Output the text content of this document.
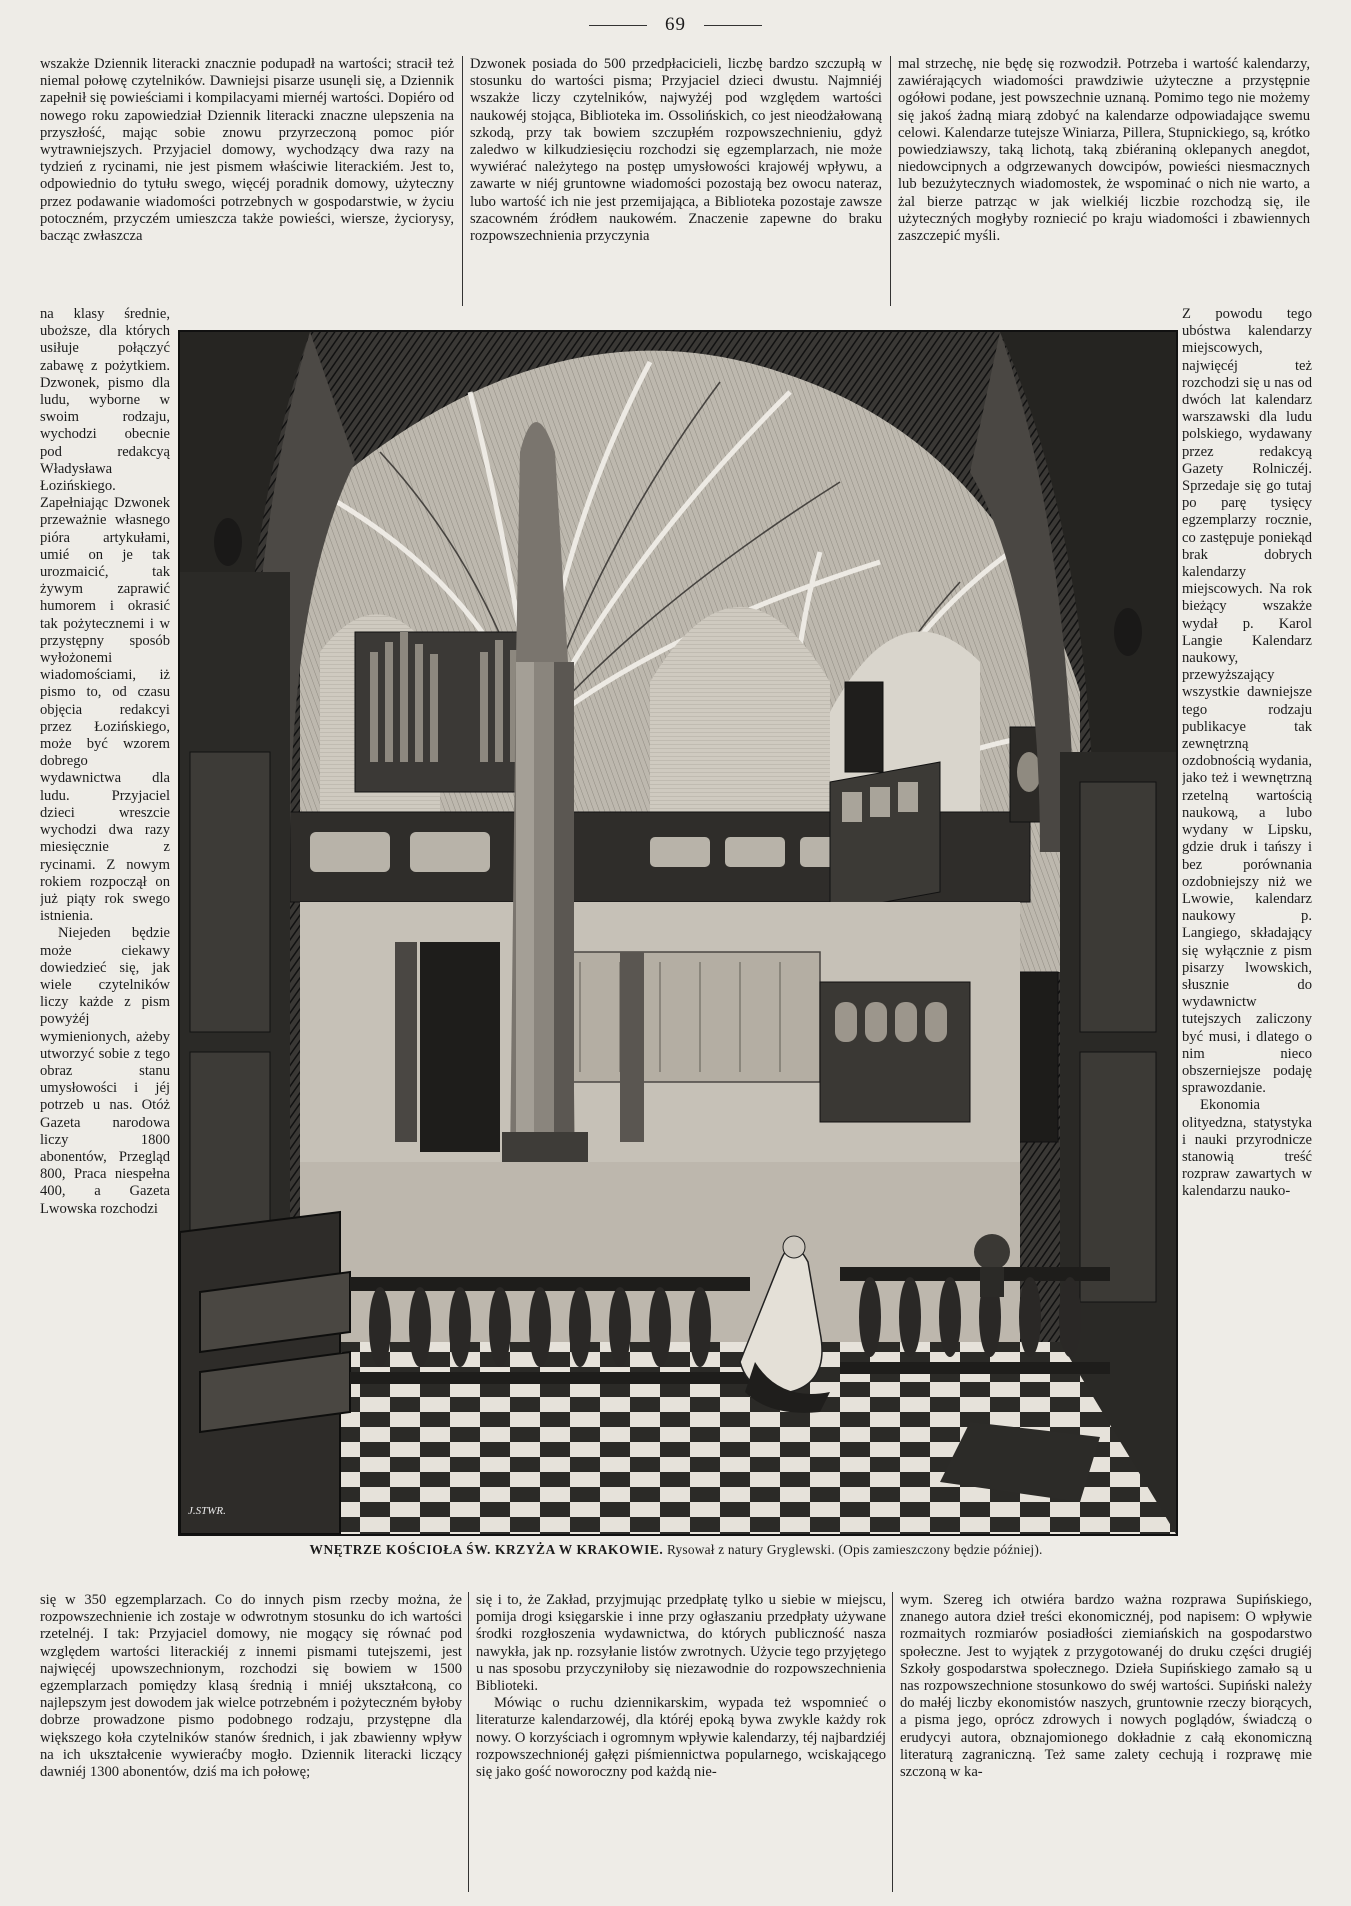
69

wszakże Dziennik literacki znacznie podupadł na wartości; stracił też niemal połowę czytelników. Dawniejsi pisarze usunęli się, a Dziennik zapełnił się powieściami i kompilacyami miernéj wartości. Dopiéro od nowego roku zapowiedział Dziennik literacki znaczne ulepszenia na przyszłość, mając sobie znowu przyrzeczoną pomoc piór wytrawniejszych. Przyjaciel domowy, wychodzący dwa razy na tydzień z rycinami, nie jest pismem właściwie literackiém. Jest to, odpowiednio do tytułu swego, więcéj poradnik domowy, użyteczny przez podawanie wiadomości potrzebnych w gospodarstwie, w życiu potoczném, przyczém umieszcza także powieści, wiersze, życiorysy, bacząc zwłaszcza

Dzwonek posiada do 500 przedpłacicieli, liczbę bardzo szczupłą w stosunku do wartości pisma; Przyjaciel dzieci dwustu. Najmniéj wszakże liczy czytelników, najwyżéj pod względem wartości naukowéj stojąca, Biblioteka im. Ossolińskich, co jest nieodżałowaną szkodą, przy tak bowiem szczupłém rozpowszechnieniu, gdyż zaledwo w kilkudziesięciu rozchodzi się egzemplarzach, nie może wywiérać należytego na postęp umysłowości krajowéj wpływu, a zawarte w niéj gruntowne wiadomości pozostają bez owocu nateraz, lubo wartość ich nie jest przemijająca, a Biblioteka pozostaje zawsze szacowném źródłem naukowém. Znaczenie zapewne do braku rozpowszechnienia przyczynia

mal strzechę, nie będę się rozwodził. Potrzeba i wartość kalendarzy, zawiérających wiadomości prawdziwie użyteczne a przystępnie ogółowi podane, jest powszechnie uznaną. Pomimo tego nie możemy się jakoś żadną miarą zdobyć na kalendarze odpowiadające swemu celowi. Kalendarze tutejsze Winiarza, Pillera, Stupnickiego, są, krótko powiedziawszy, taką lichotą, taką zbiéraniną oklepanych anegdot, niedowcipnych a odgrzewanych dowcipów, powieści niesmacznych lub bezużytecznych wiadomostek, że wspominać o nich nie warto, a żal bierze patrząc w jak wielkiéj liczbie rozchodzą się, ile użyteczných mogłyby rozniecić po kraju wiadomości i zbawiennych zaszczepić myśli.

na klasy średnie, uboższe, dla których usiłuje połączyć zabawę z pożytkiem. Dzwonek, pismo dla ludu, wyborne w swoim rodzaju, wychodzi obecnie pod redakcyą Władysława Łozińskiego. Zapełniając Dzwonek przeważnie własnego pióra artykułami, umié on je tak urozmaicić, tak żywym zaprawić humorem i okrasić tak pożytecznemi i w przystępny sposób wyłożonemi wiadomościami, iż pismo to, od czasu objęcia redakcyi przez Łozińskiego, może być wzorem dobrego wydawnictwa dla ludu. Przyjaciel dzieci wreszcie wychodzi dwa razy miesięcznie z rycinami. Z nowym rokiem rozpoczął on już piąty rok swego istnienia.

Niejeden będzie może ciekawy dowiedzieć się, jak wiele czytelników liczy każde z pism powyżéj wymienionych, ażeby utworzyć sobie z tego obraz stanu umysłowości i jéj potrzeb u nas. Otóż Gazeta narodowa liczy 1800 abonentów, Przegląd 800, Praca niespełna 400, a Gazeta Lwowska rozchodzi

Z powodu tego ubóstwa kalendarzy miejscowych, najwięcéj też rozchodzi się u nas od dwóch lat kalendarz warszawski dla ludu polskiego, wydawany przez redakcyą Gazety Rolniczéj. Sprzedaje się go tutaj po parę tysięcy egzemplarzy rocznie, co zastępuje poniekąd brak dobrych kalendarzy miejscowych. Na rok bieżący wszakże wydał p. Karol Langie Kalendarz naukowy, przewyższający wszystkie dawniejsze tego rodzaju publikacye tak zewnętrzną ozdobnością wydania, jako też i wewnętrzną rzetelną wartością naukową, a lubo wydany w Lipsku, gdzie druk i tańszy i bez porównania ozdobniejszy niż we Lwowie, kalendarz naukowy p. Langiego, składający się wyłącznie z pism pisarzy lwowskich, słusznie do wydawnictw tutejszych zaliczony być musi, i dlatego o nim nieco obszerniejsze podaję sprawozdanie.

Ekonomia olityedzna, statystyka i nauki przyrodnicze stanowią treść rozpraw zawartych w kalendarzu nauko-

J.STWR.
WNĘTRZE KOŚCIOŁA ŚW. KRZYŻA W KRAKOWIE. Rysował z natury Gryglewski. (Opis zamieszczony będzie później).

się w 350 egzemplarzach. Co do innych pism rzecby można, że rozpowszechnienie ich zostaje w odwrotnym stosunku do ich wartości rzetelnéj. I tak: Przyjaciel domowy, nie mogący się równać pod względem wartości literackiéj z innemi pismami tutejszemi, jest najwięcéj upowszechnionym, rozchodzi się bowiem w 1500 egzemplarzach pomiędzy klasą średnią i mniéj ukształconą, co najlepszym jest dowodem jak wielce potrzebném i pożyteczném byłoby dobrze prowadzone pismo podobnego rodzaju, przystępne dla większego koła czytelników stanów średnich, i jak zbawienny wpływ na ich ukształcenie wywieraćby mogło. Dziennik literacki liczący dawniéj 1300 abonentów, dziś ma ich połowę;

się i to, że Zakład, przyjmując przedpłatę tylko u siebie w miejscu, pomija drogi księgarskie i inne przy ogłaszaniu przedpłaty używane środki rozgłoszenia wydawnictwa, do których publiczność nasza nawykła, jak np. rozsyłanie listów zwrotnych. Użycie tego przyjętego u nas sposobu przyczyniłoby się niezawodnie do rozpowszechnienia Biblioteki.

Mówiąc o ruchu dziennikarskim, wypada też wspomnieć o literaturze kalendarzowéj, dla któréj epoką bywa zwykle każdy rok nowy. O korzyściach i ogromnym wpływie kalendarzy, téj najbardziéj rozpowszechnionéj gałęzi piśmiennictwa popularnego, wciskającego się jako gość noworoczny pod każdą nie-

wym. Szereg ich otwiéra bardzo ważna rozprawa Supińskiego, znanego autora dzieł treści ekonomicznéj, pod napisem: O wpływie rozmaitych rozmiarów posiadłości ziemiańskich na gospodarstwo społeczne. Jest to wyjątek z przygotowanéj do druku części drugiéj Szkoły gospodarstwa społecznego. Dzieła Supińskiego zamało są u nas rozpowszechnione stosunkowo do swéj wartości. Supiński należy do małéj liczby ekonomistów naszych, gruntownie rzeczy biorących, a pisma jego, oprócz zdrowych i nowych poglądów, świadczą o erudycyi autora, obznajomionego dokładnie z całą ekonomiczną literaturą zagraniczną. Też same zalety cechują i rozprawę mie szczoną w ka-
